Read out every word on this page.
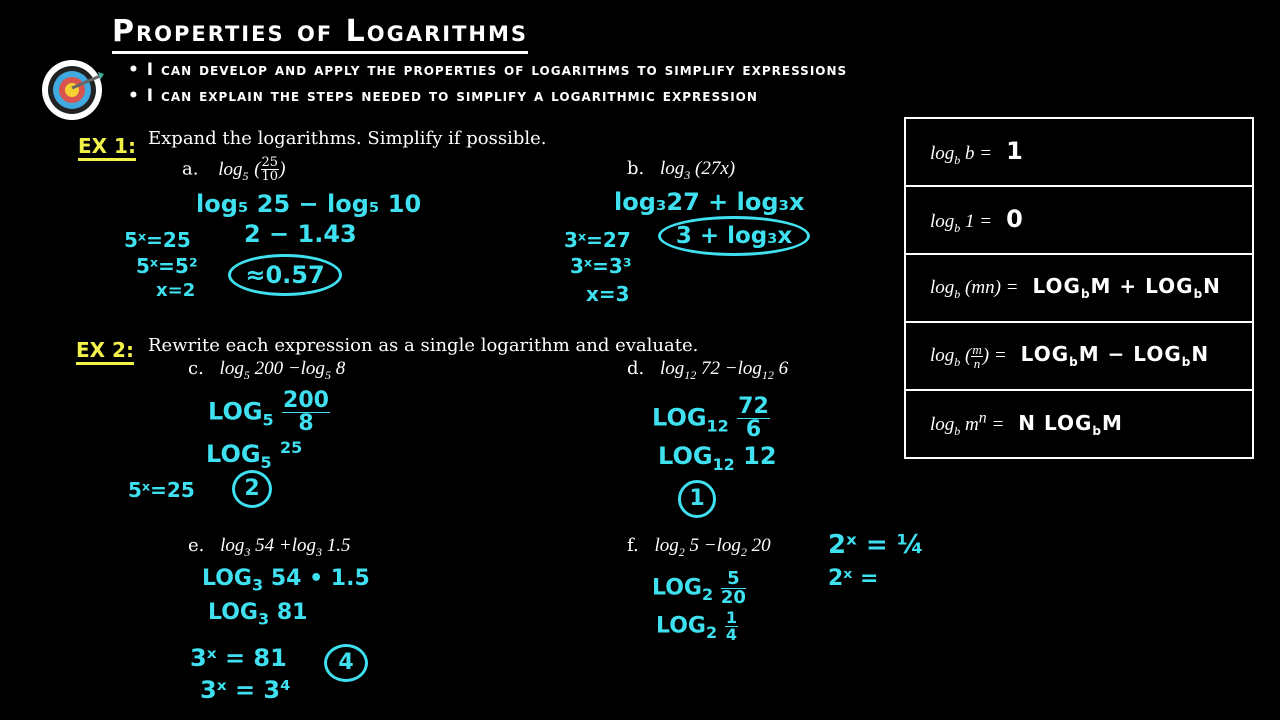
Properties of Logarithms
• I can develop and apply the properties of logarithms to simplify expressions
• I can explain the steps needed to simplify a logarithmic expression
EX 1: Expand the logarithms. Simplify if possible.
a. $\log_5$ ( $\frac{25}{10}$ )
log₅ 25 − log₅ 10
2 − 1.43
5ˣ=25
5ˣ=5²
x=2
≈0.57
b. $\log_3 (27x)$
log₃27 + log₃x
3 + log₃x
3ˣ=27
3ˣ=3³
x=3
EX 2: Rewrite each expression as a single logarithm and evaluate.
c. $\log_5 200 -\log_5$ 8
$LOG_5 \frac{200}{8}$
$LOG_5$ $^{25}$
5ˣ=25	2
d. $\log_{12} 72 -\log_{12}$ 6
$LOG_{12} \frac{72}{6}$
$LOG_{12}$ 12
1
e. $\log_3 54 +\log_3$ 1.5
$LOG_3$ 54 • 1.5
$LOG_3$ 81
3ˣ = 81
3ˣ = 3⁴
4
f. $\log_2 5 -\log_2$ 20
$LOG_2 \frac{5}{20}$
$LOG_2 \frac{1}{4}$
2ˣ = ¼
2ˣ =
$\log_b b = 1$
$\log_b 1 = 0$
$\log_b (mn) = LOG_bM + LOG_bN$
$\log_b$ ( $\frac{m}{n}$ ) = $LOG_bM - LOG_bN$
$\log_b m^n = N$ $LOG_bM$
